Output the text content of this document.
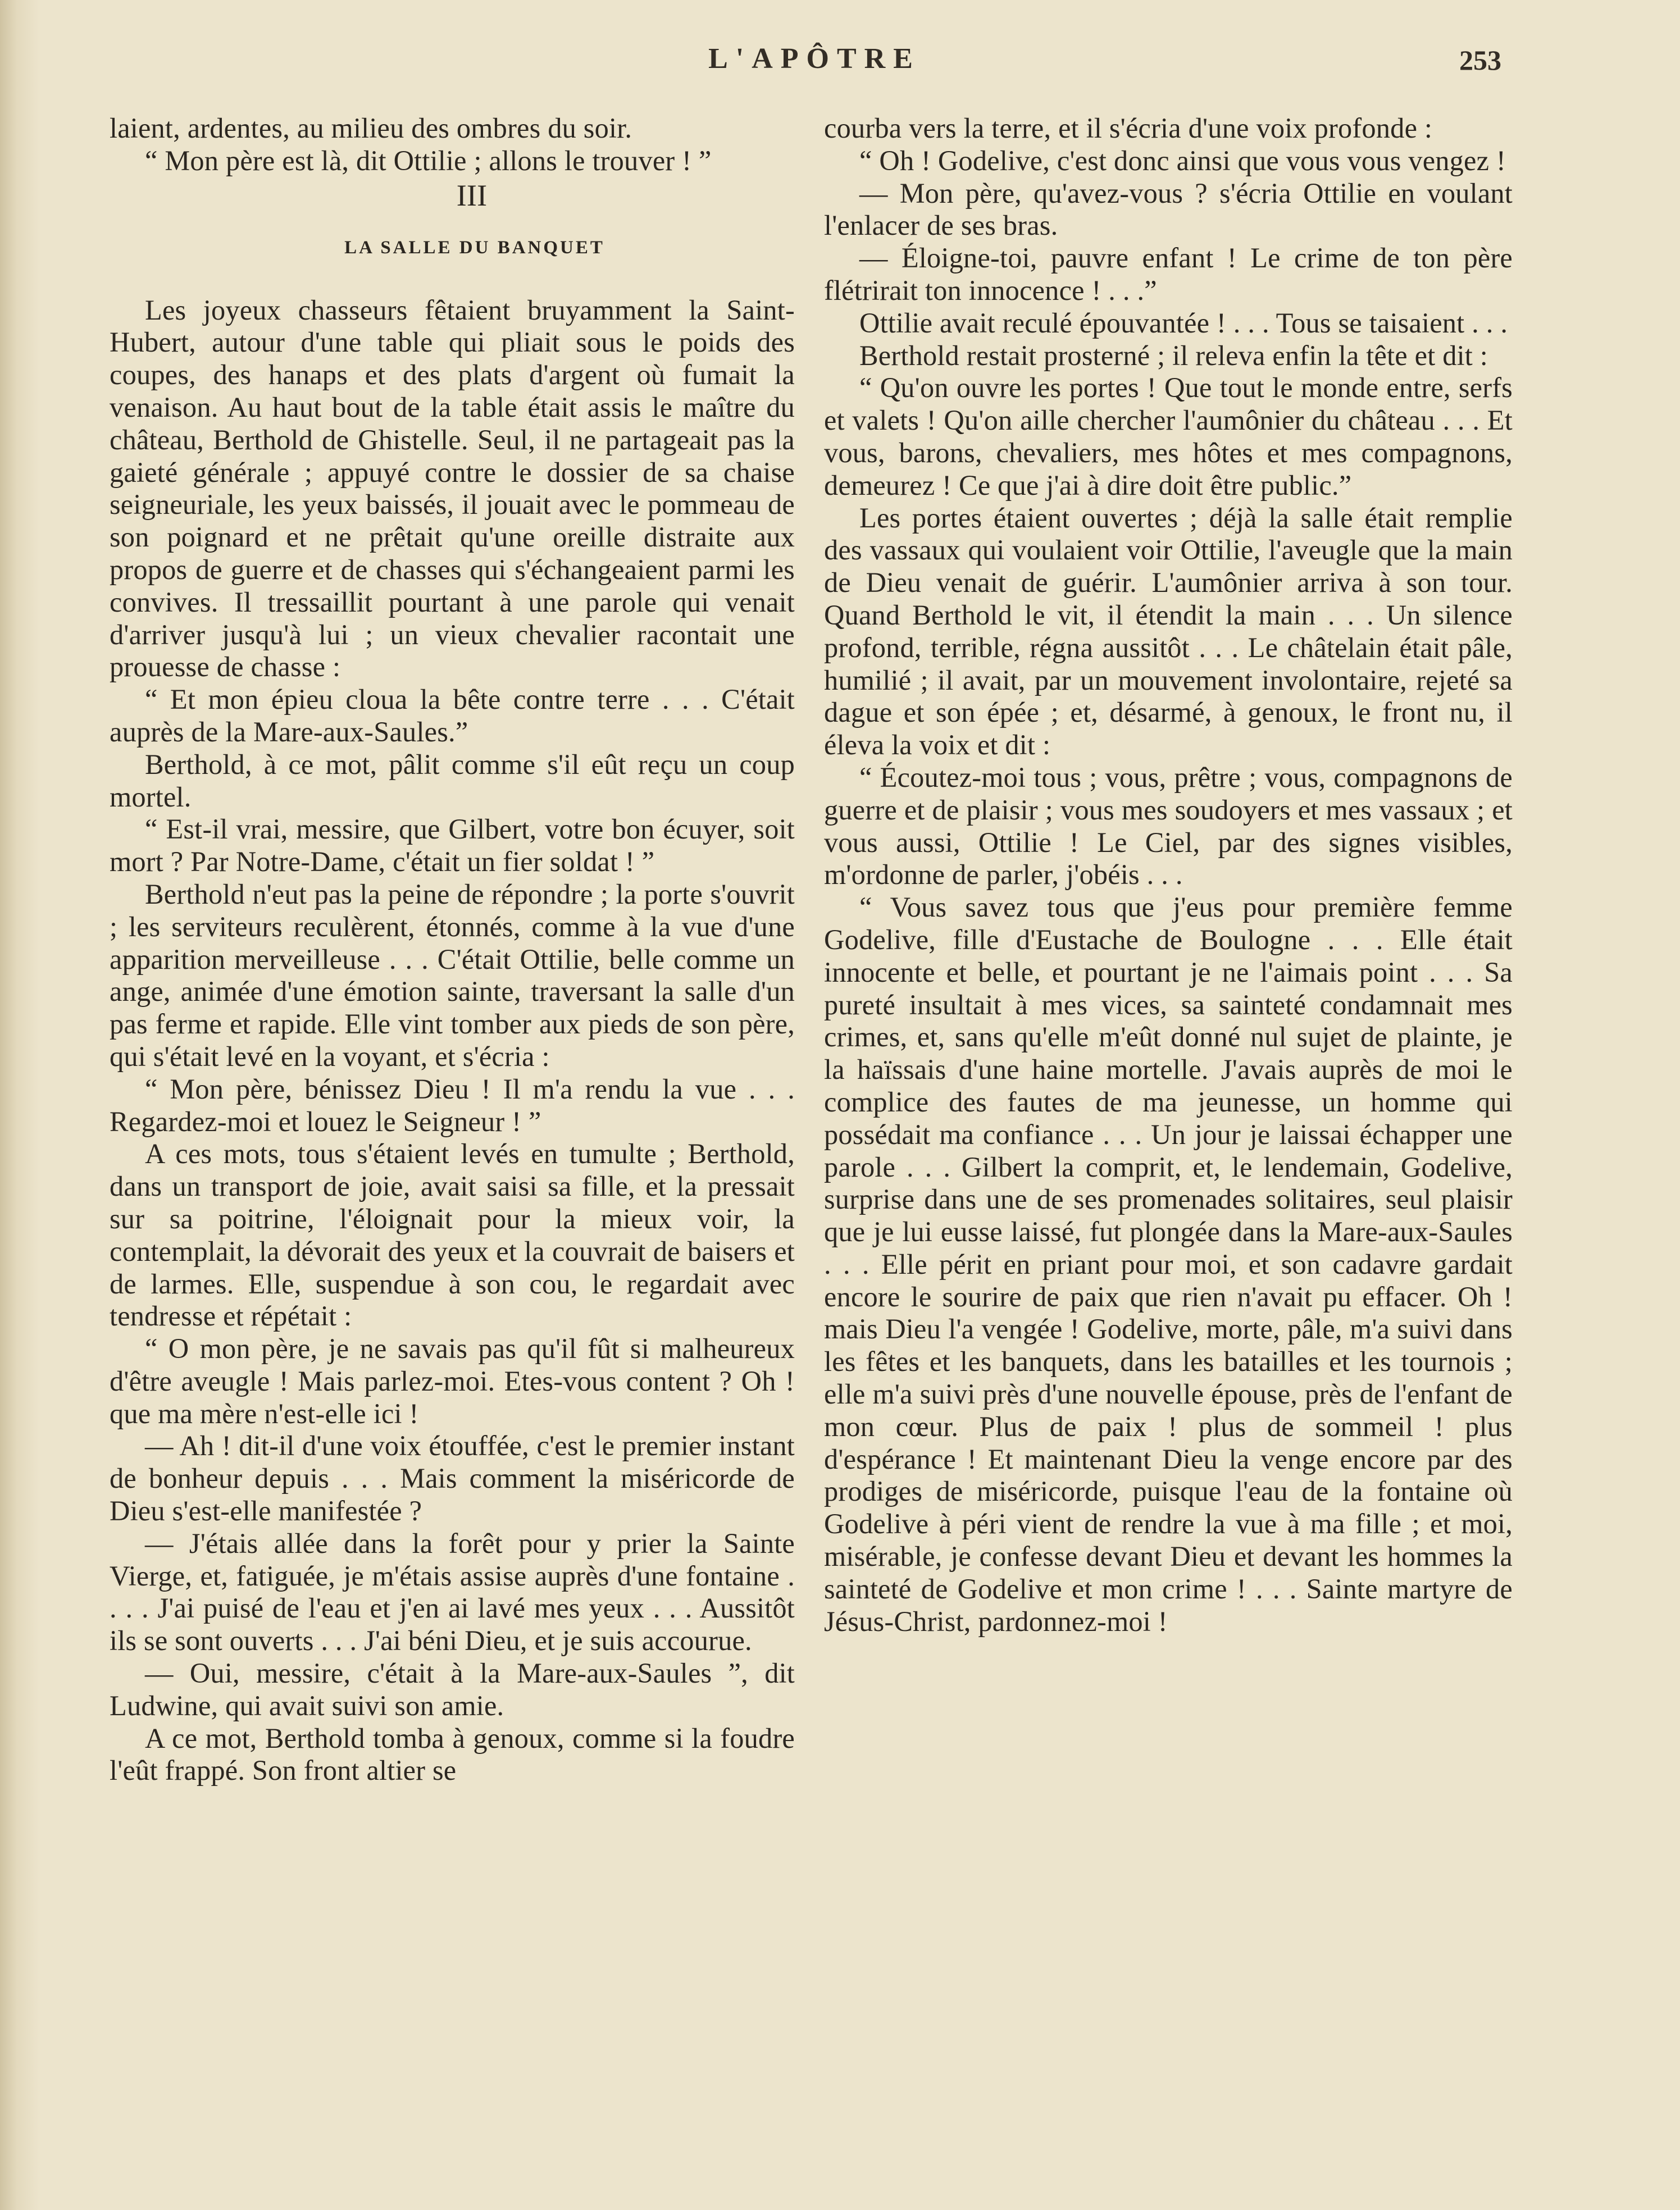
L'APÔTRE	253

laient, ardentes, au milieu des ombres du soir.

“ Mon père est là, dit Ottilie ; allons le trouver ! ”

III
LA SALLE DU BANQUET

Les joyeux chasseurs fêtaient bruyamment la Saint-Hubert, autour d'une table qui pliait sous le poids des coupes, des hanaps et des plats d'argent où fumait la venaison. Au haut bout de la table était assis le maître du château, Berthold de Ghistelle. Seul, il ne partageait pas la gaieté générale ; appuyé contre le dossier de sa chaise seigneuriale, les yeux baissés, il jouait avec le pommeau de son poignard et ne prêtait qu'une oreille distraite aux propos de guerre et de chasses qui s'échangeaient parmi les convives. Il tressaillit pourtant à une parole qui venait d'arriver jusqu'à lui ; un vieux chevalier racontait une prouesse de chasse :

“ Et mon épieu cloua la bête contre terre . . . C'était auprès de la Mare-aux-Saules.”

Berthold, à ce mot, pâlit comme s'il eût reçu un coup mortel.

“ Est-il vrai, messire, que Gilbert, votre bon écuyer, soit mort ? Par Notre-Dame, c'était un fier soldat ! ”

Berthold n'eut pas la peine de répondre ; la porte s'ouvrit ; les serviteurs reculèrent, étonnés, comme à la vue d'une apparition merveilleuse . . . C'était Ottilie, belle comme un ange, animée d'une émotion sainte, traversant la salle d'un pas ferme et rapide. Elle vint tomber aux pieds de son père, qui s'était levé en la voyant, et s'écria :

“ Mon père, bénissez Dieu ! Il m'a rendu la vue . . . Regardez-moi et louez le Seigneur ! ”

A ces mots, tous s'étaient levés en tumulte ; Berthold, dans un transport de joie, avait saisi sa fille, et la pressait sur sa poitrine, l'éloignait pour la mieux voir, la contemplait, la dévorait des yeux et la couvrait de baisers et de larmes. Elle, suspendue à son cou, le regardait avec tendresse et répétait :

“ O mon père, je ne savais pas qu'il fût si malheureux d'être aveugle ! Mais parlez-moi. Etes-vous content ? Oh ! que ma mère n'est-elle ici !

— Ah ! dit-il d'une voix étouffée, c'est le premier instant de bonheur depuis . . . Mais comment la miséricorde de Dieu s'est-elle manifestée ?

— J'étais allée dans la forêt pour y prier la Sainte Vierge, et, fatiguée, je m'étais assise auprès d'une fontaine . . . . J'ai puisé de l'eau et j'en ai lavé mes yeux . . . Aussitôt ils se sont ouverts . . . J'ai béni Dieu, et je suis accourue.

— Oui, messire, c'était à la Mare-aux-Saules ”, dit Ludwine, qui avait suivi son amie.

A ce mot, Berthold tomba à genoux, comme si la foudre l'eût frappé. Son front altier se

courba vers la terre, et il s'écria d'une voix profonde :

“ Oh ! Godelive, c'est donc ainsi que vous vous vengez !

— Mon père, qu'avez-vous ? s'écria Ottilie en voulant l'enlacer de ses bras.

— Éloigne-toi, pauvre enfant ! Le crime de ton père flétrirait ton innocence ! . . .”

Ottilie avait reculé épouvantée ! . . . Tous se taisaient . . .

Berthold restait prosterné ; il releva enfin la tête et dit :

“ Qu'on ouvre les portes ! Que tout le monde entre, serfs et valets ! Qu'on aille chercher l'aumônier du château . . . Et vous, barons, chevaliers, mes hôtes et mes compagnons, demeurez ! Ce que j'ai à dire doit être public.”

Les portes étaient ouvertes ; déjà la salle était remplie des vassaux qui voulaient voir Ottilie, l'aveugle que la main de Dieu venait de guérir. L'aumônier arriva à son tour. Quand Berthold le vit, il étendit la main . . . Un silence profond, terrible, régna aussitôt . . . Le châtelain était pâle, humilié ; il avait, par un mouvement involontaire, rejeté sa dague et son épée ; et, désarmé, à genoux, le front nu, il éleva la voix et dit :

“ Écoutez-moi tous ; vous, prêtre ; vous, compagnons de guerre et de plaisir ; vous mes soudoyers et mes vassaux ; et vous aussi, Ottilie ! Le Ciel, par des signes visibles, m'ordonne de parler, j'obéis . . .

“ Vous savez tous que j'eus pour première femme Godelive, fille d'Eustache de Boulogne . . . Elle était innocente et belle, et pourtant je ne l'aimais point . . . Sa pureté insultait à mes vices, sa sainteté condamnait mes crimes, et, sans qu'elle m'eût donné nul sujet de plainte, je la haïssais d'une haine mortelle. J'avais auprès de moi le complice des fautes de ma jeunesse, un homme qui possédait ma confiance . . . Un jour je laissai échapper une parole . . . Gilbert la comprit, et, le lendemain, Godelive, surprise dans une de ses promenades solitaires, seul plaisir que je lui eusse laissé, fut plongée dans la Mare-aux-Saules . . . Elle périt en priant pour moi, et son cadavre gardait encore le sourire de paix que rien n'avait pu effacer. Oh ! mais Dieu l'a vengée ! Godelive, morte, pâle, m'a suivi dans les fêtes et les banquets, dans les batailles et les tournois ; elle m'a suivi près d'une nouvelle épouse, près de l'enfant de mon cœur. Plus de paix ! plus de sommeil ! plus d'espérance ! Et maintenant Dieu la venge encore par des prodiges de miséricorde, puisque l'eau de la fontaine où Godelive à péri vient de rendre la vue à ma fille ; et moi, misérable, je confesse devant Dieu et devant les hommes la sainteté de Godelive et mon crime ! . . . Sainte martyre de Jésus-Christ, pardonnez-moi !
